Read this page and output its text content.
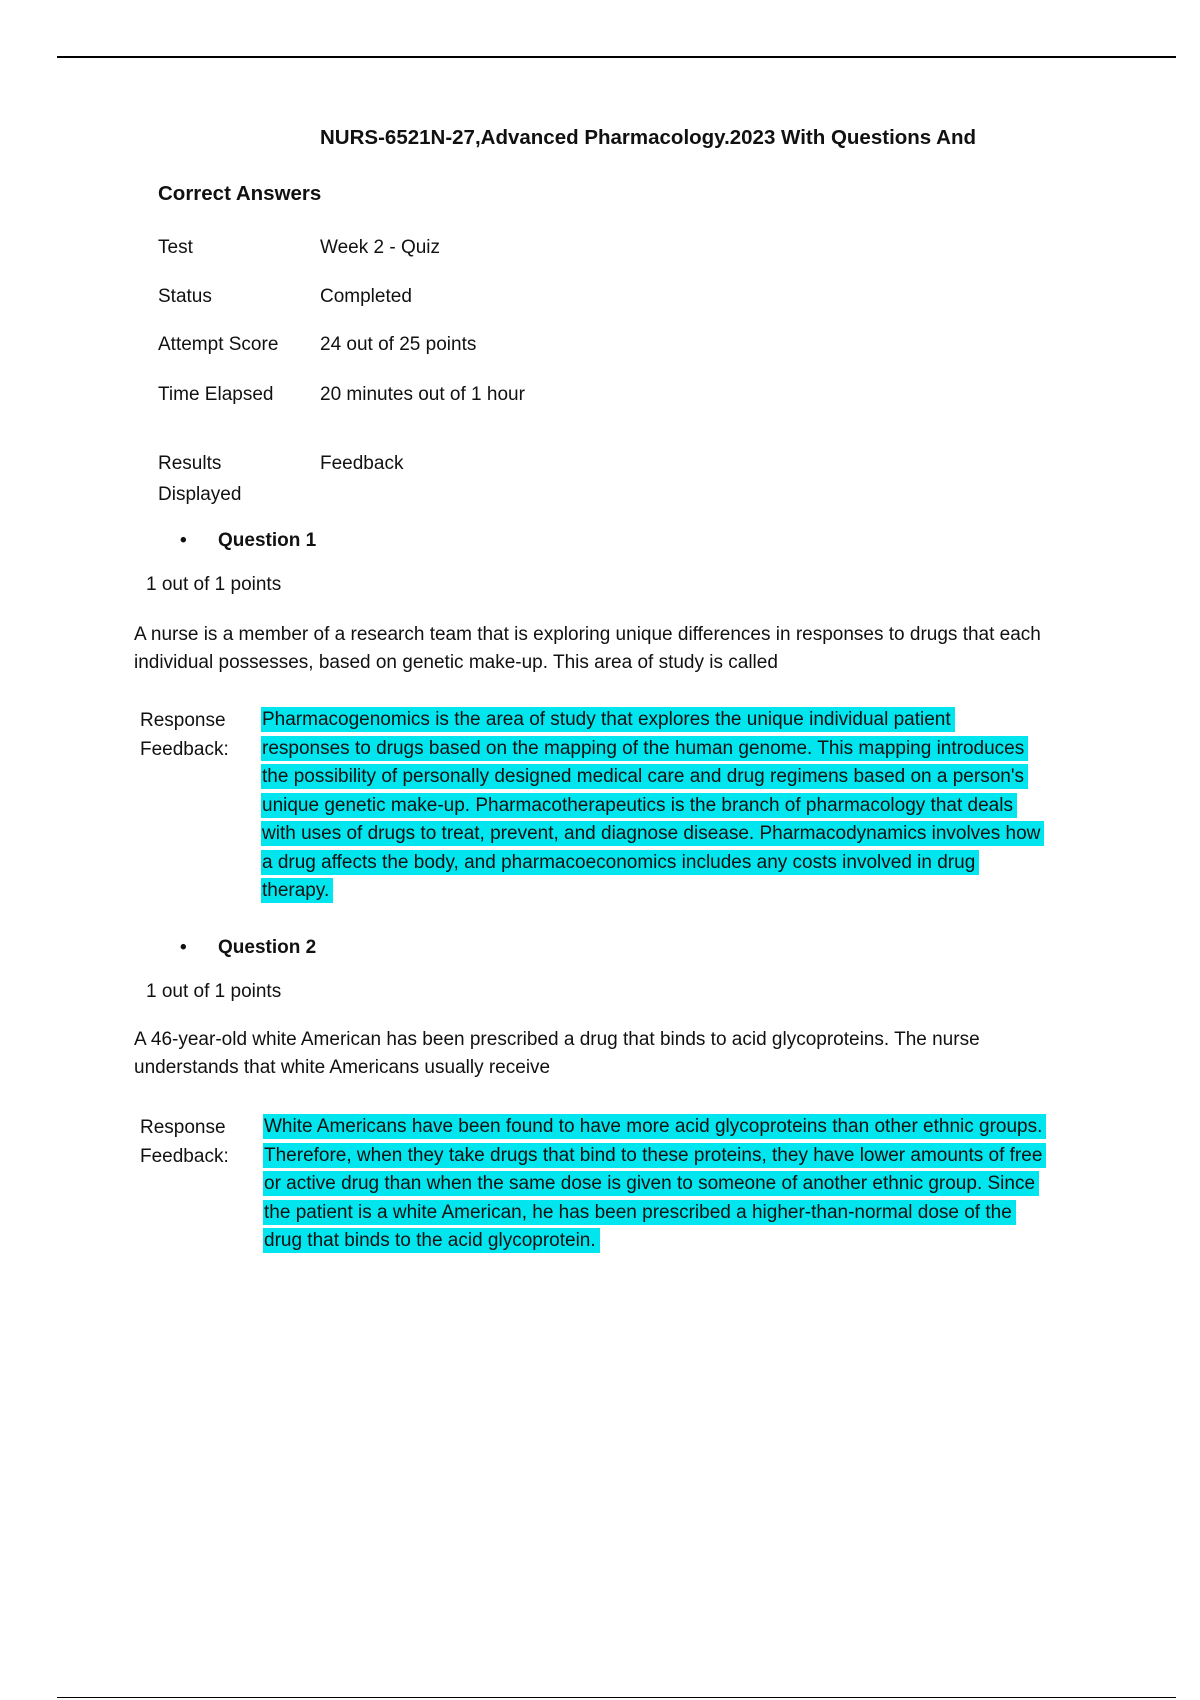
NURS-6521N-27,Advanced Pharmacology.2023 With Questions And
Correct Answers
Test	Week 2 - Quiz
Status	Completed
Attempt Score 24 out of 25 points
Time Elapsed 20 minutes out of 1 hour
Results Displayed
Feedback
• Question 1
1 out of 1 points
A nurse is a member of a research team that is exploring unique differences in responses to drugs that each individual possesses, based on genetic make-up. This area of study is called
Response Feedback:
Pharmacogenomics is the area of study that explores the unique individual patient responses to drugs based on the mapping of the human genome. This mapping introduces the possibility of personally designed medical care and drug regimens based on a person's unique genetic make-up. Pharmacotherapeutics is the branch of pharmacology that deals with uses of drugs to treat, prevent, and diagnose disease. Pharmacodynamics involves how a drug affects the body, and pharmacoeconomics includes any costs involved in drug therapy.
• Question 2
1 out of 1 points
A 46-year-old white American has been prescribed a drug that binds to acid glycoproteins. The nurse understands that white Americans usually receive
Response Feedback:
White Americans have been found to have more acid glycoproteins than other ethnic groups. Therefore, when they take drugs that bind to these proteins, they have lower amounts of free or active drug than when the same dose is given to someone of another ethnic group. Since the patient is a white American, he has been prescribed a higher-than-normal dose of the drug that binds to the acid glycoprotein.
